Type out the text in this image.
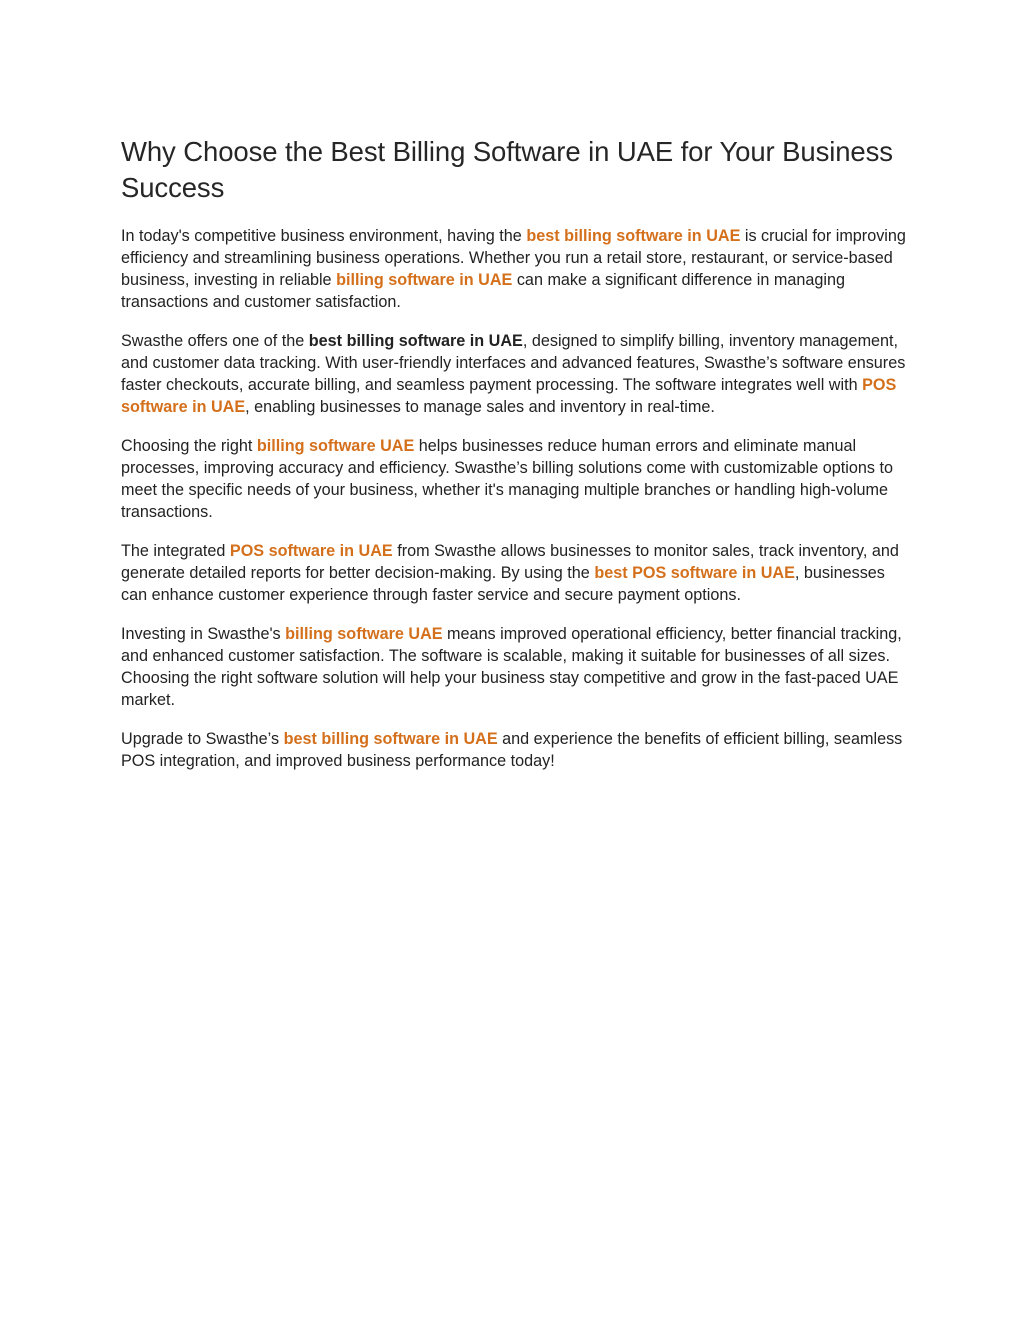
Why Choose the Best Billing Software in UAE for Your Business Success

In today's competitive business environment, having the best billing software in UAE is crucial for improving efficiency and streamlining business operations. Whether you run a retail store, restaurant, or service-based business, investing in reliable billing software in UAE can make a significant difference in managing transactions and customer satisfaction.

Swasthe offers one of the best billing software in UAE, designed to simplify billing, inventory management, and customer data tracking. With user-friendly interfaces and advanced features, Swasthe’s software ensures faster checkouts, accurate billing, and seamless payment processing. The software integrates well with POS software in UAE, enabling businesses to manage sales and inventory in real-time.

Choosing the right billing software UAE helps businesses reduce human errors and eliminate manual processes, improving accuracy and efficiency. Swasthe’s billing solutions come with customizable options to meet the specific needs of your business, whether it's managing multiple branches or handling high-volume transactions.

The integrated POS software in UAE from Swasthe allows businesses to monitor sales, track inventory, and generate detailed reports for better decision-making. By using the best POS software in UAE, businesses can enhance customer experience through faster service and secure payment options.

Investing in Swasthe's billing software UAE means improved operational efficiency, better financial tracking, and enhanced customer satisfaction. The software is scalable, making it suitable for businesses of all sizes. Choosing the right software solution will help your business stay competitive and grow in the fast-paced UAE market.

Upgrade to Swasthe’s best billing software in UAE and experience the benefits of efficient billing, seamless POS integration, and improved business performance today!
